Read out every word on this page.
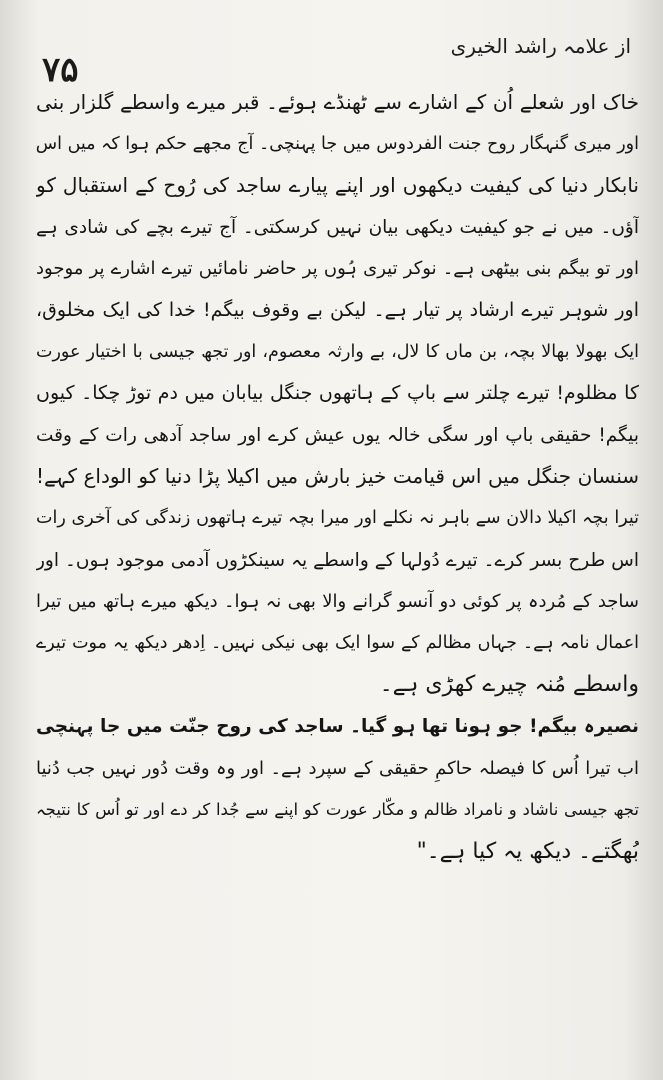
از علامہ راشد الخیری
۷۵
خاک اور شعلے اُن کے اشارے سے ٹھنڈے ہوئے۔ قبر میرے واسطے گلزار بنی
اور میری گنہگار روح جنت الفردوس میں جا پہنچی۔ آج مجھے حکم ہوا کہ میں اس
نابکار دنیا کی کیفیت دیکھوں اور اپنے پیارے ساجد کی رُوح کے استقبال کو
آؤں۔ میں نے جو کیفیت دیکھی بیان نہیں کرسکتی۔ آج تیرے بچے کی شادی ہے
اور تو بیگم بنی بیٹھی ہے۔ نوکر تیری ہُوں پر حاضر نامائیں تیرے اشارے پر موجود
اور شوہر تیرے ارشاد پر تیار ہے۔ لیکن بے وقوف بیگم! خدا کی ایک مخلوق،
ایک بھولا بھالا بچہ، بن ماں کا لال، بے وارثہ معصوم، اور تجھ جیسی با اختیار عورت
کا مظلوم! تیرے چلتر سے باپ کے ہاتھوں جنگل بیابان میں دم توڑ چکا۔ کیوں
بیگم! حقیقی باپ اور سگی خالہ یوں عیش کرے اور ساجد آدھی رات کے وقت
سنسان جنگل میں اس قیامت خیز بارش میں اکیلا پڑا دنیا کو الوداع کہے!
تیرا بچہ اکیلا دالان سے باہر نہ نکلے اور میرا بچہ تیرے ہاتھوں زندگی کی آخری رات
اس طرح بسر کرے۔ تیرے دُولہا کے واسطے یہ سینکڑوں آدمی موجود ہوں۔ اور
ساجد کے مُردہ پر کوئی دو آنسو گرانے والا بھی نہ ہوا۔ دیکھ میرے ہاتھ میں تیرا
اعمال نامہ ہے۔ جہاں مظالم کے سوا ایک بھی نیکی نہیں۔ اِدھر دیکھ یہ موت تیرے
واسطے مُنہ چیرے کھڑی ہے۔
نصیرہ بیگم! جو ہونا تھا ہو گیا۔ ساجد کی روح جنّت میں جا پہنچی
اب تیرا اُس کا فیصلہ حاکمِ حقیقی کے سپرد ہے۔ اور وہ وقت دُور نہیں جب دُنیا
تجھ جیسی ناشاد و نامراد ظالم و مکّار عورت کو اپنے سے جُدا کر دے اور تو اُس کا نتیجہ
بُھگتے۔ دیکھ یہ کیا ہے۔"
